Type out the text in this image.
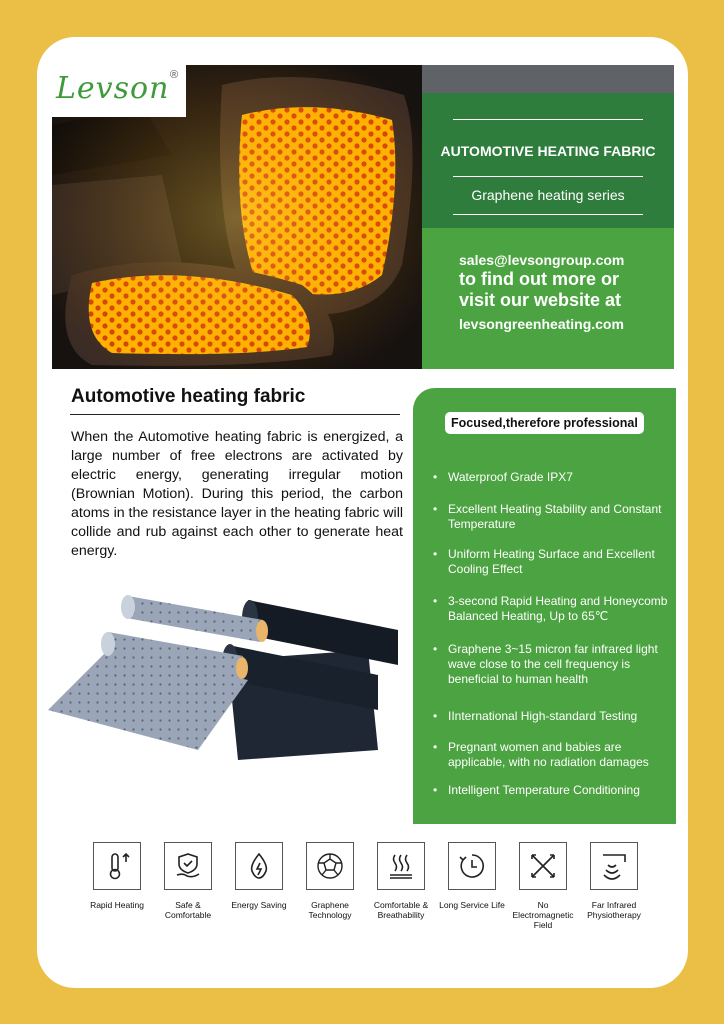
Levson ®
AUTOMOTIVE HEATING FABRIC
Graphene heating series
sales@levsongroup.com
to find out more or
visit our website at
levsongreenheating.com
Automotive heating fabric

When the Automotive heating fabric is energized, a large number of free electrons are activated by electric energy, generating irregular motion (Brownian Motion). During this period, the carbon atoms in the resistance layer in the heating fabric will collide and rub against each other to generate heat energy.

Focused,therefore professional
• Waterproof Grade IPX7
• Excellent Heating Stability and Constant Temperature
• Uniform Heating Surface and Excellent Cooling Effect
• 3-second Rapid Heating and Honeycomb Balanced Heating, Up to 65℃
• Graphene 3~15 micron far infrared light wave close to the cell frequency is beneficial to human health
• IInternational High-standard Testing
• Pregnant women and babies are applicable, with no radiation damages
• Intelligent Temperature Conditioning
Rapid Heating	Safe & Comfortable
Energy Saving	Graphene Technology
Comfortable & Breathability
Long Service Life	No Electromagnetic Field
Far Infrared Physiotherapy
